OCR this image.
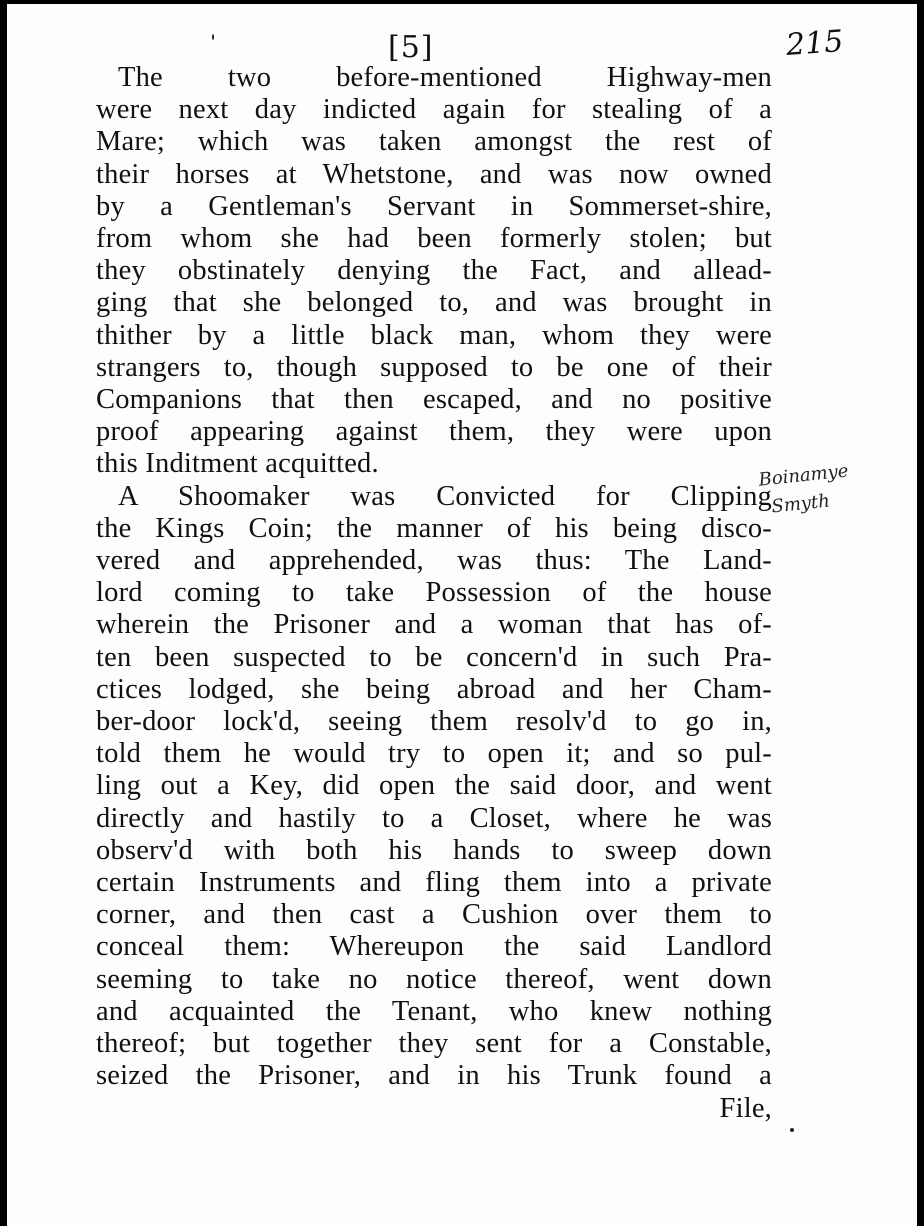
[5]	215
Boinamye
Smyth
The two before-mentioned Highway-men
were next day indicted again for stealing of a
Mare; which was taken amongst the rest of
their horses at Whetstone, and was now owned
by a Gentleman's Servant in Sommerset-shire,
from whom she had been formerly stolen; but
they obstinately denying the Fact, and allead-
ging that she belonged to, and was brought in
thither by a little black man, whom they were
strangers to, though supposed to be one of their
Companions that then escaped, and no positive
proof appearing against them, they were upon
this Inditment acquitted.
A Shoomaker was Convicted for Clipping
the Kings Coin; the manner of his being disco-
vered and apprehended, was thus: The Land-
lord coming to take Possession of the house
wherein the Prisoner and a woman that has of-
ten been suspected to be concern'd in such Pra-
ctices lodged, she being abroad and her Cham-
ber-door lock'd, seeing them resolv'd to go in,
told them he would try to open it; and so pul-
ling out a Key, did open the said door, and went
directly and hastily to a Closet, where he was
observ'd with both his hands to sweep down
certain Instruments and fling them into a private
corner, and then cast a Cushion over them to
conceal them: Whereupon the said Landlord
seeming to take no notice thereof, went down
and acquainted the Tenant, who knew nothing
thereof; but together they sent for a Constable,
seized the Prisoner, and in his Trunk found a
File,
